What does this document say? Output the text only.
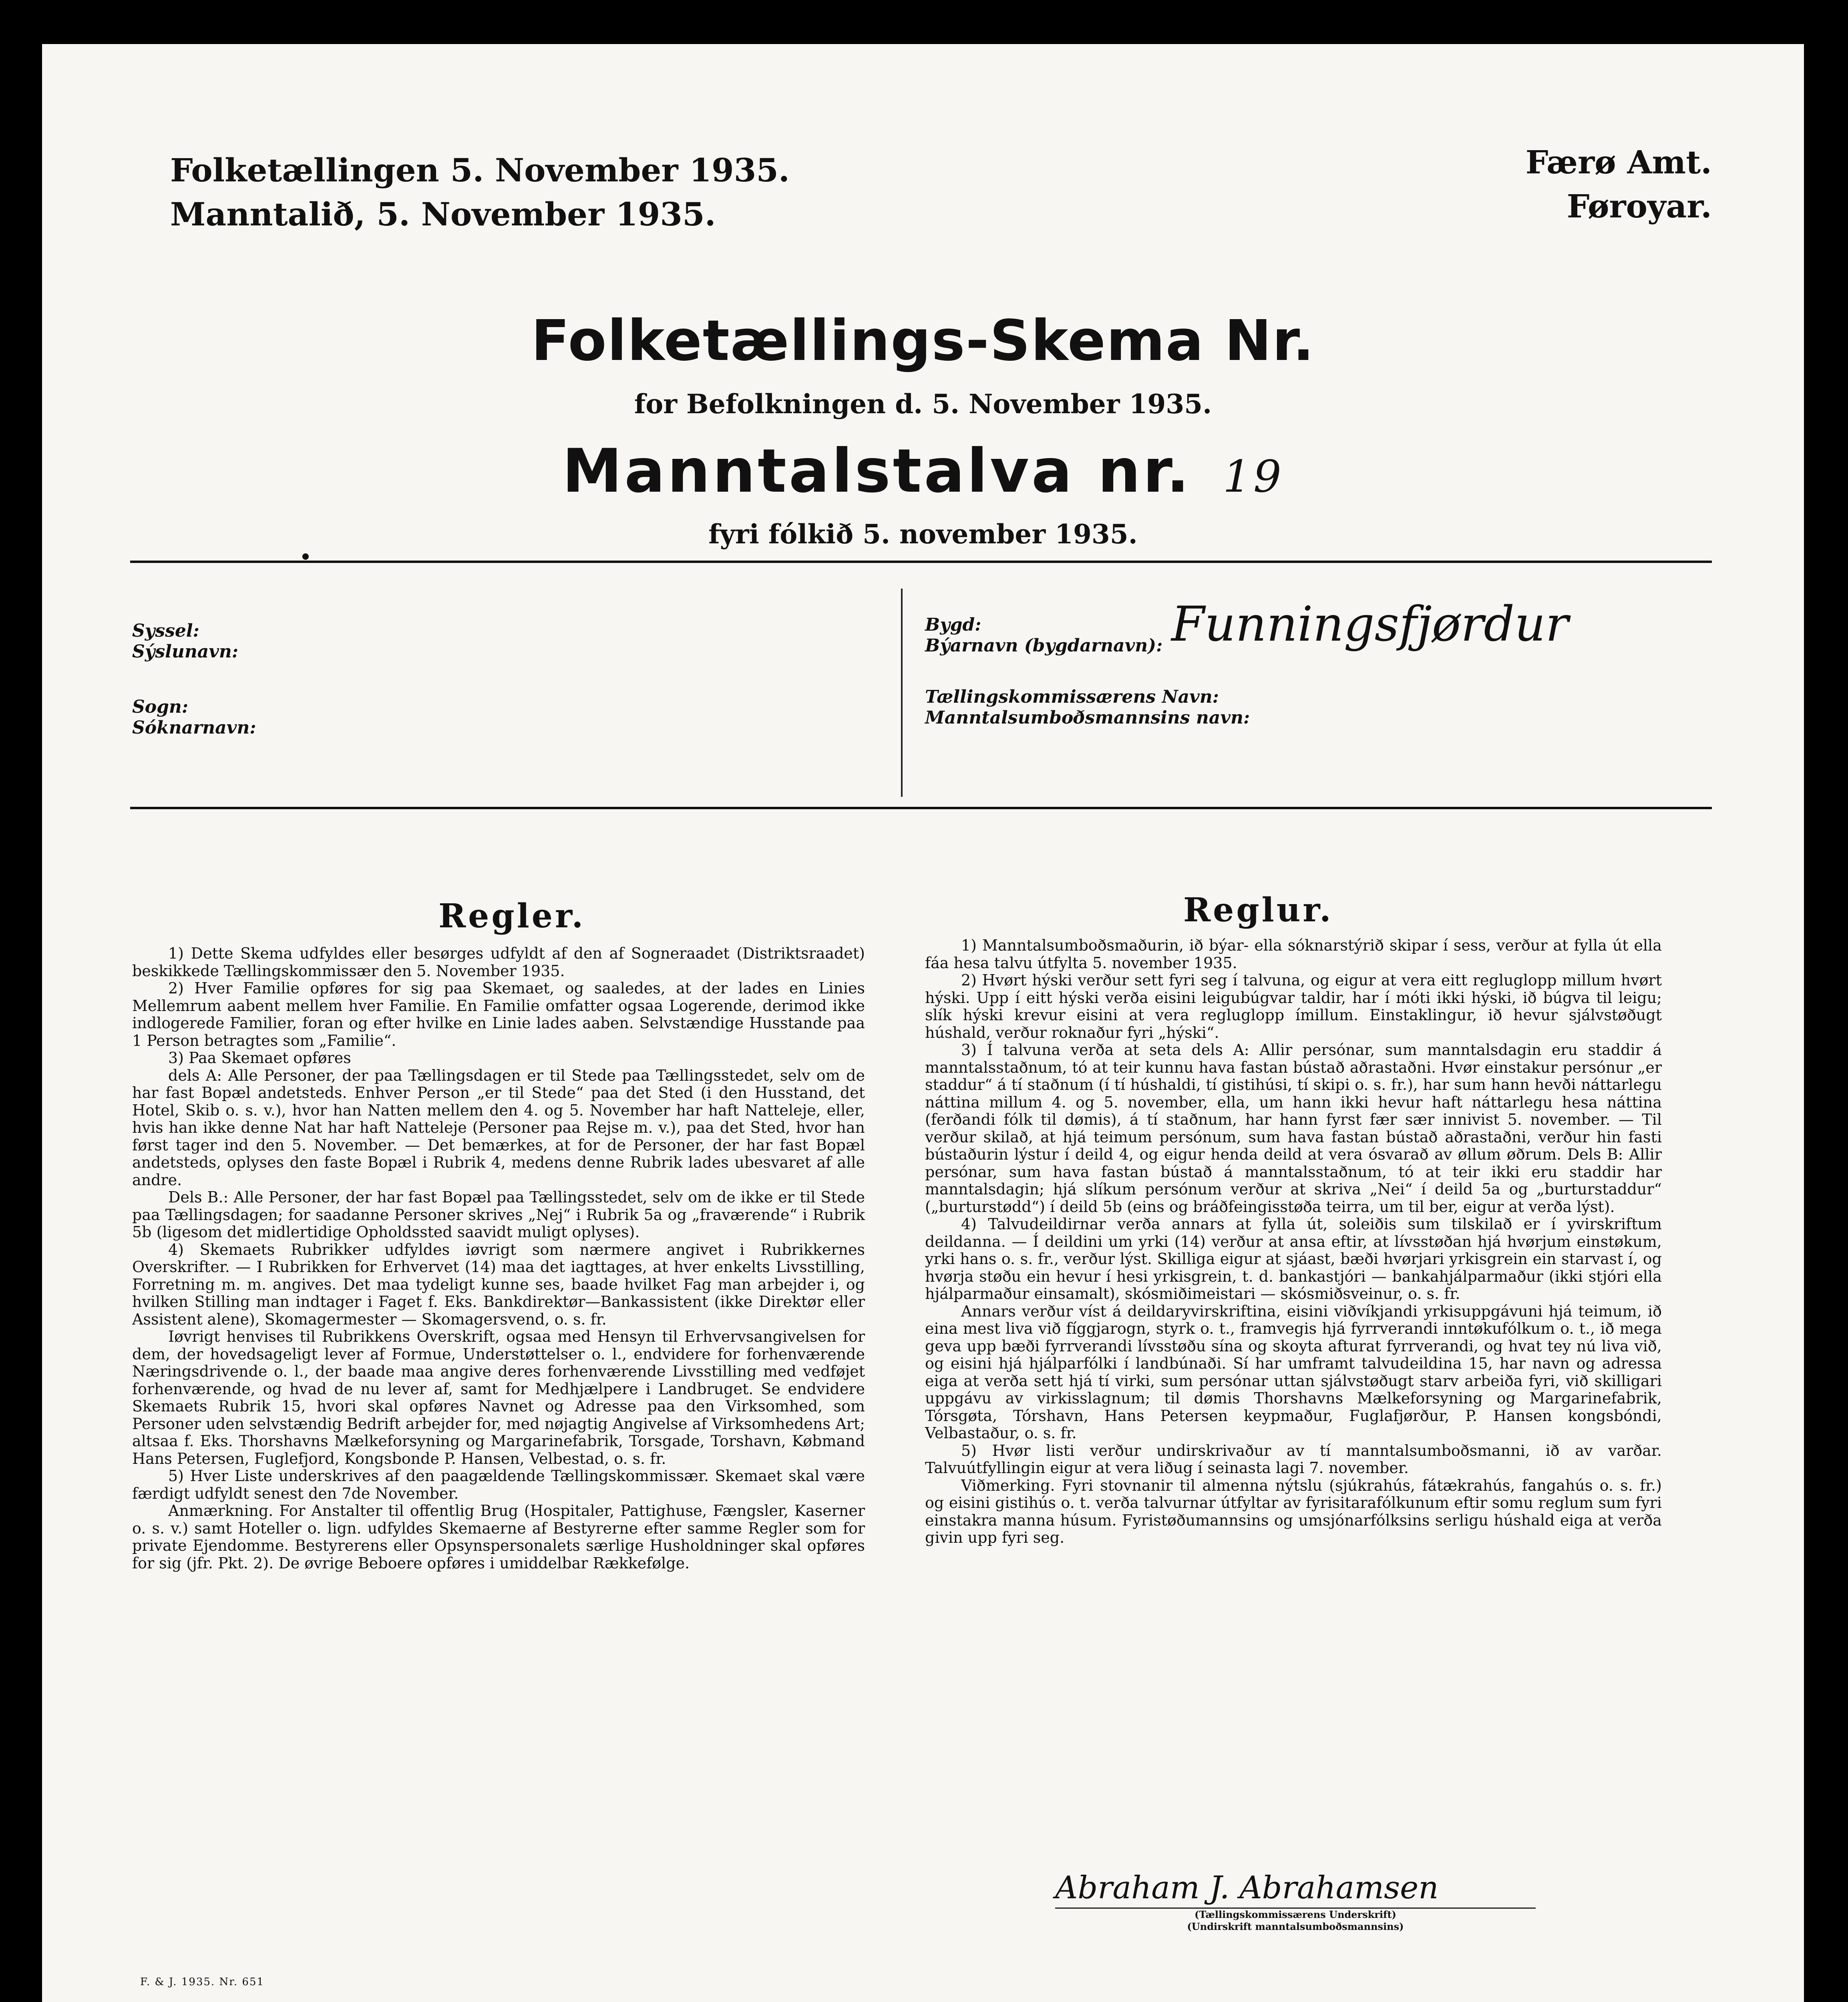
Folketællingen 5. November 1935.
Manntalið, 5. November 1935.
Færø Amt.
Føroyar.
Folketællings-Skema Nr.
for Befolkningen d. 5. November 1935.
Manntalstalva nr. 19
fyri fólkið 5. november 1935.
Syssel:
Sýslunavn:
Sogn:
Sóknarnavn:
Bygd:
Býarnavn (bygdarnavn): Funningsfjørdur
Tællingskommissærens Navn:
Manntalsumboðsmannsins navn:
Regler.	Reglur.

1) Dette Skema udfyldes eller besørges udfyldt af den af Sogneraadet (Distriktsraadet) beskikkede Tællingskommissær den 5. November 1935.

2) Hver Familie opføres for sig paa Skemaet, og saaledes, at der lades en Linies Mellemrum aabent mellem hver Familie. En Familie omfatter ogsaa Logerende, derimod ikke indlogerede Familier, foran og efter hvilke en Linie lades aaben. Selvstændige Husstande paa 1 Person betragtes som „Familie“.

3) Paa Skemaet opføres

dels A: Alle Personer, der paa Tællingsdagen er til Stede paa Tællingsstedet, selv om de har fast Bopæl andetsteds. Enhver Person „er til Stede“ paa det Sted (i den Husstand, det Hotel, Skib o. s. v.), hvor han Natten mellem den 4. og 5. November har haft Natteleje, eller, hvis han ikke denne Nat har haft Natteleje (Personer paa Rejse m. v.), paa det Sted, hvor han først tager ind den 5. November. — Det bemærkes, at for de Personer, der har fast Bopæl andetsteds, oplyses den faste Bopæl i Rubrik 4, medens denne Rubrik lades ubesvaret af alle andre.

Dels B.: Alle Personer, der har fast Bopæl paa Tællingsstedet, selv om de ikke er til Stede paa Tællingsdagen; for saadanne Personer skrives „Nej“ i Rubrik 5a og „fraværende“ i Rubrik 5b (ligesom det midlertidige Opholdssted saavidt muligt oplyses).

4) Skemaets Rubrikker udfyldes iøvrigt som nærmere angivet i Rubrikkernes Overskrifter. — I Rubrikken for Erhvervet (14) maa det iagttages, at hver enkelts Livsstilling, Forretning m. m. angives. Det maa tydeligt kunne ses, baade hvilket Fag man arbejder i, og hvilken Stilling man indtager i Faget f. Eks. Bankdirektør—Bankassistent (ikke Direktør eller Assistent alene), Skomagermester — Skomagersvend, o. s. fr.

Iøvrigt henvises til Rubrikkens Overskrift, ogsaa med Hensyn til Erhvervsangivelsen for dem, der hovedsageligt lever af Formue, Understøttelser o. l., endvidere for forhenværende Næringsdrivende o. l., der baade maa angive deres forhenværende Livsstilling med vedføjet forhenværende, og hvad de nu lever af, samt for Medhjælpere i Landbruget. Se endvidere Skemaets Rubrik 15, hvori skal opføres Navnet og Adresse paa den Virksomhed, som Personer uden selvstændig Bedrift arbejder for, med nøjagtig Angivelse af Virksomhedens Art; altsaa f. Eks. Thorshavns Mælkeforsyning og Margarinefabrik, Torsgade, Torshavn, Købmand Hans Petersen, Fuglefjord, Kongsbonde P. Hansen, Velbestad, o. s. fr.

5) Hver Liste underskrives af den paagældende Tællingskommissær. Skemaet skal være færdigt udfyldt senest den 7de November.

Anmærkning. For Anstalter til offentlig Brug (Hospitaler, Pattighuse, Fængsler, Kaserner o. s. v.) samt Hoteller o. lign. udfyldes Skemaerne af Bestyrerne efter samme Regler som for private Ejendomme. Bestyrerens eller Opsynspersonalets særlige Husholdninger skal opføres for sig (jfr. Pkt. 2). De øvrige Beboere opføres i umiddelbar Rækkefølge.

1) Manntalsumboðsmaðurin, ið býar- ella sóknarstýrið skipar í sess, verður at fylla út ella fáa hesa talvu útfylta 5. november 1935.

2) Hvørt hýski verður sett fyri seg í talvuna, og eigur at vera eitt regluglopp millum hvørt hýski. Upp í eitt hýski verða eisini leigubúgvar taldir, har í móti ikki hýski, ið búgva til leigu; slík hýski krevur eisini at vera regluglopp ímillum. Einstaklingur, ið hevur sjálvstøðugt húshald, verður roknaður fyri „hýski“.

3) Í talvuna verða at seta dels A: Allir persónar, sum manntalsdagin eru staddir á manntalsstaðnum, tó at teir kunnu hava fastan bústað aðrastaðni. Hvør einstakur persónur „er staddur“ á tí staðnum (í tí húshaldi, tí gistihúsi, tí skipi o. s. fr.), har sum hann hevði náttarlegu náttina millum 4. og 5. november, ella, um hann ikki hevur haft náttarlegu hesa náttina (ferðandi fólk til dømis), á tí staðnum, har hann fyrst fær sær innivist 5. november. — Til verður skilað, at hjá teimum persónum, sum hava fastan bústað aðrastaðni, verður hin fasti bústaðurin lýstur í deild 4, og eigur henda deild at vera ósvarað av øllum øðrum. Dels B: Allir persónar, sum hava fastan bústað á manntalsstaðnum, tó at teir ikki eru staddir har manntalsdagin; hjá slíkum persónum verður at skriva „Nei“ í deild 5a og „burturstaddur“ („burturstødd“) í deild 5b (eins og bráðfeingisstøða teirra, um til ber, eigur at verða lýst).

4) Talvudeildirnar verða annars at fylla út, soleiðis sum tilskilað er í yvirskriftum deildanna. — Í deildini um yrki (14) verður at ansa eftir, at lívsstøðan hjá hvørjum einstøkum, yrki hans o. s. fr., verður lýst. Skilliga eigur at sjáast, bæði hvørjari yrkisgrein ein starvast í, og hvørja støðu ein hevur í hesi yrkisgrein, t. d. bankastjóri — bankahjálparmaður (ikki stjóri ella hjálparmaður einsamalt), skósmiðimeistari — skósmiðsveinur, o. s. fr.

Annars verður víst á deildaryvirskriftina, eisini viðvíkjandi yrkisuppgávuni hjá teimum, ið eina mest liva við fíggjarogn, styrk o. t., framvegis hjá fyrrverandi inntøkufólkum o. t., ið mega geva upp bæði fyrrverandi lívsstøðu sína og skoyta afturat fyrrverandi, og hvat tey nú liva við, og eisini hjá hjálparfólki í landbúnaði. Sí har umframt talvudeildina 15, har navn og adressa eiga at verða sett hjá tí virki, sum persónar uttan sjálvstøðugt starv arbeiða fyri, við skilligari uppgávu av virkisslagnum; til dømis Thorshavns Mælkeforsyning og Margarinefabrik, Tórsgøta, Tórshavn, Hans Petersen keypmaður, Fuglafjørður, P. Hansen kongsbóndi, Velbastaður, o. s. fr.

5) Hvør listi verður undirskrivaður av tí manntalsumboðsmanni, ið av varðar. Talvuútfyllingin eigur at vera liðug í seinasta lagi 7. november.

Viðmerking. Fyri stovnanir til almenna nýtslu (sjúkrahús, fátækrahús, fangahús o. s. fr.) og eisini gistihús o. t. verða talvurnar útfyltar av fyrisitarafólkunum eftir somu reglum sum fyri einstakra manna húsum. Fyristøðumannsins og umsjónarfólksins serligu húshald eiga at verða givin upp fyri seg.

Abraham J. Abrahamsen
(Tællingskommissærens Underskrift)
(Undirskrift manntalsumboðsmannsins)
F. & J. 1935. Nr. 651
